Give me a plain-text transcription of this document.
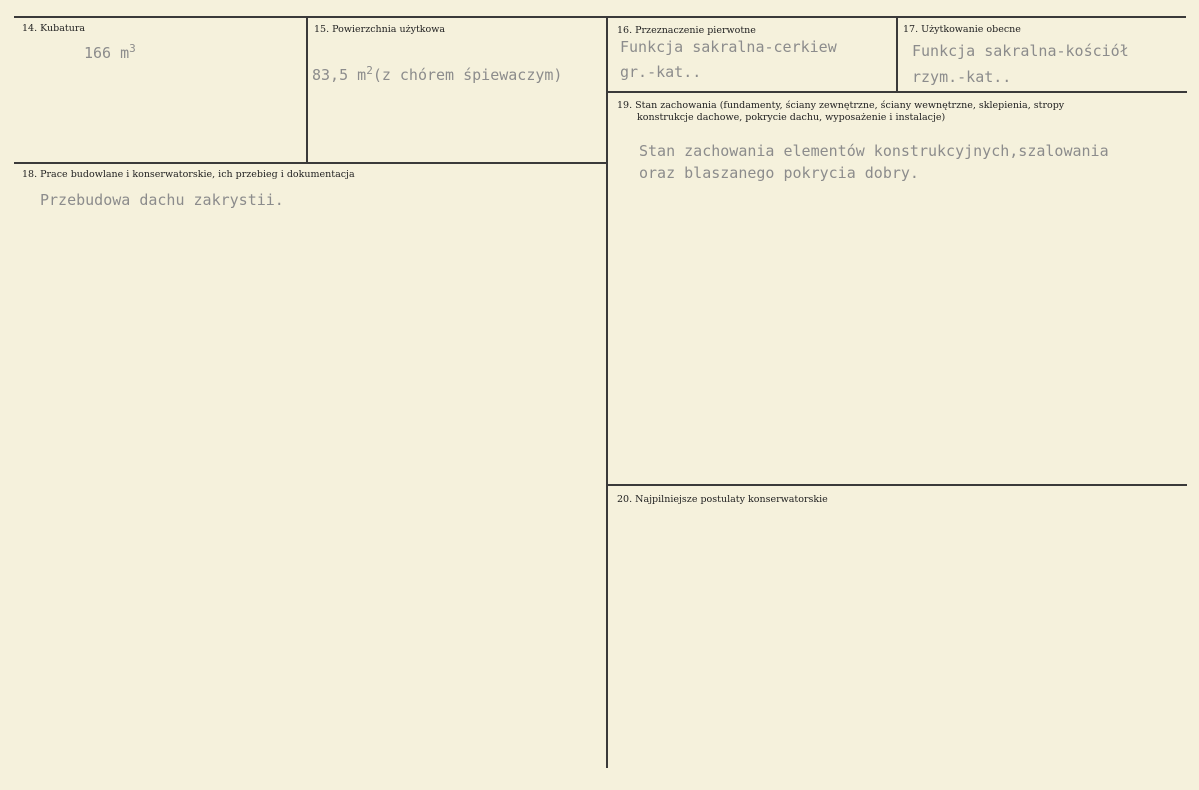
14. Kubatura
166 $m^3$
15. Powierzchnia użytkowa
83,5 $m^2(z$ chórem śpiewaczym)
16. Przeznaczenie pierwotne
Funkcja sakralna-cerkiew
gr.-kat..
17. Użytkowanie obecne
Funkcja sakralna-kościół
rzym.-kat..
18. Prace budowlane i konserwatorskie, ich przebieg i dokumentacja
Przebudowa dachu zakrystii.
19. Stan zachowania (fundamenty, ściany zewnętrzne, ściany wewnętrzne, sklepienia, stropy
konstrukcje dachowe, pokrycie dachu, wyposażenie i instalacje)
Stan zachowania elementów konstrukcyjnych,szalowania
oraz blaszanego pokrycia dobry.
20. Najpilniejsze postulaty konserwatorskie
